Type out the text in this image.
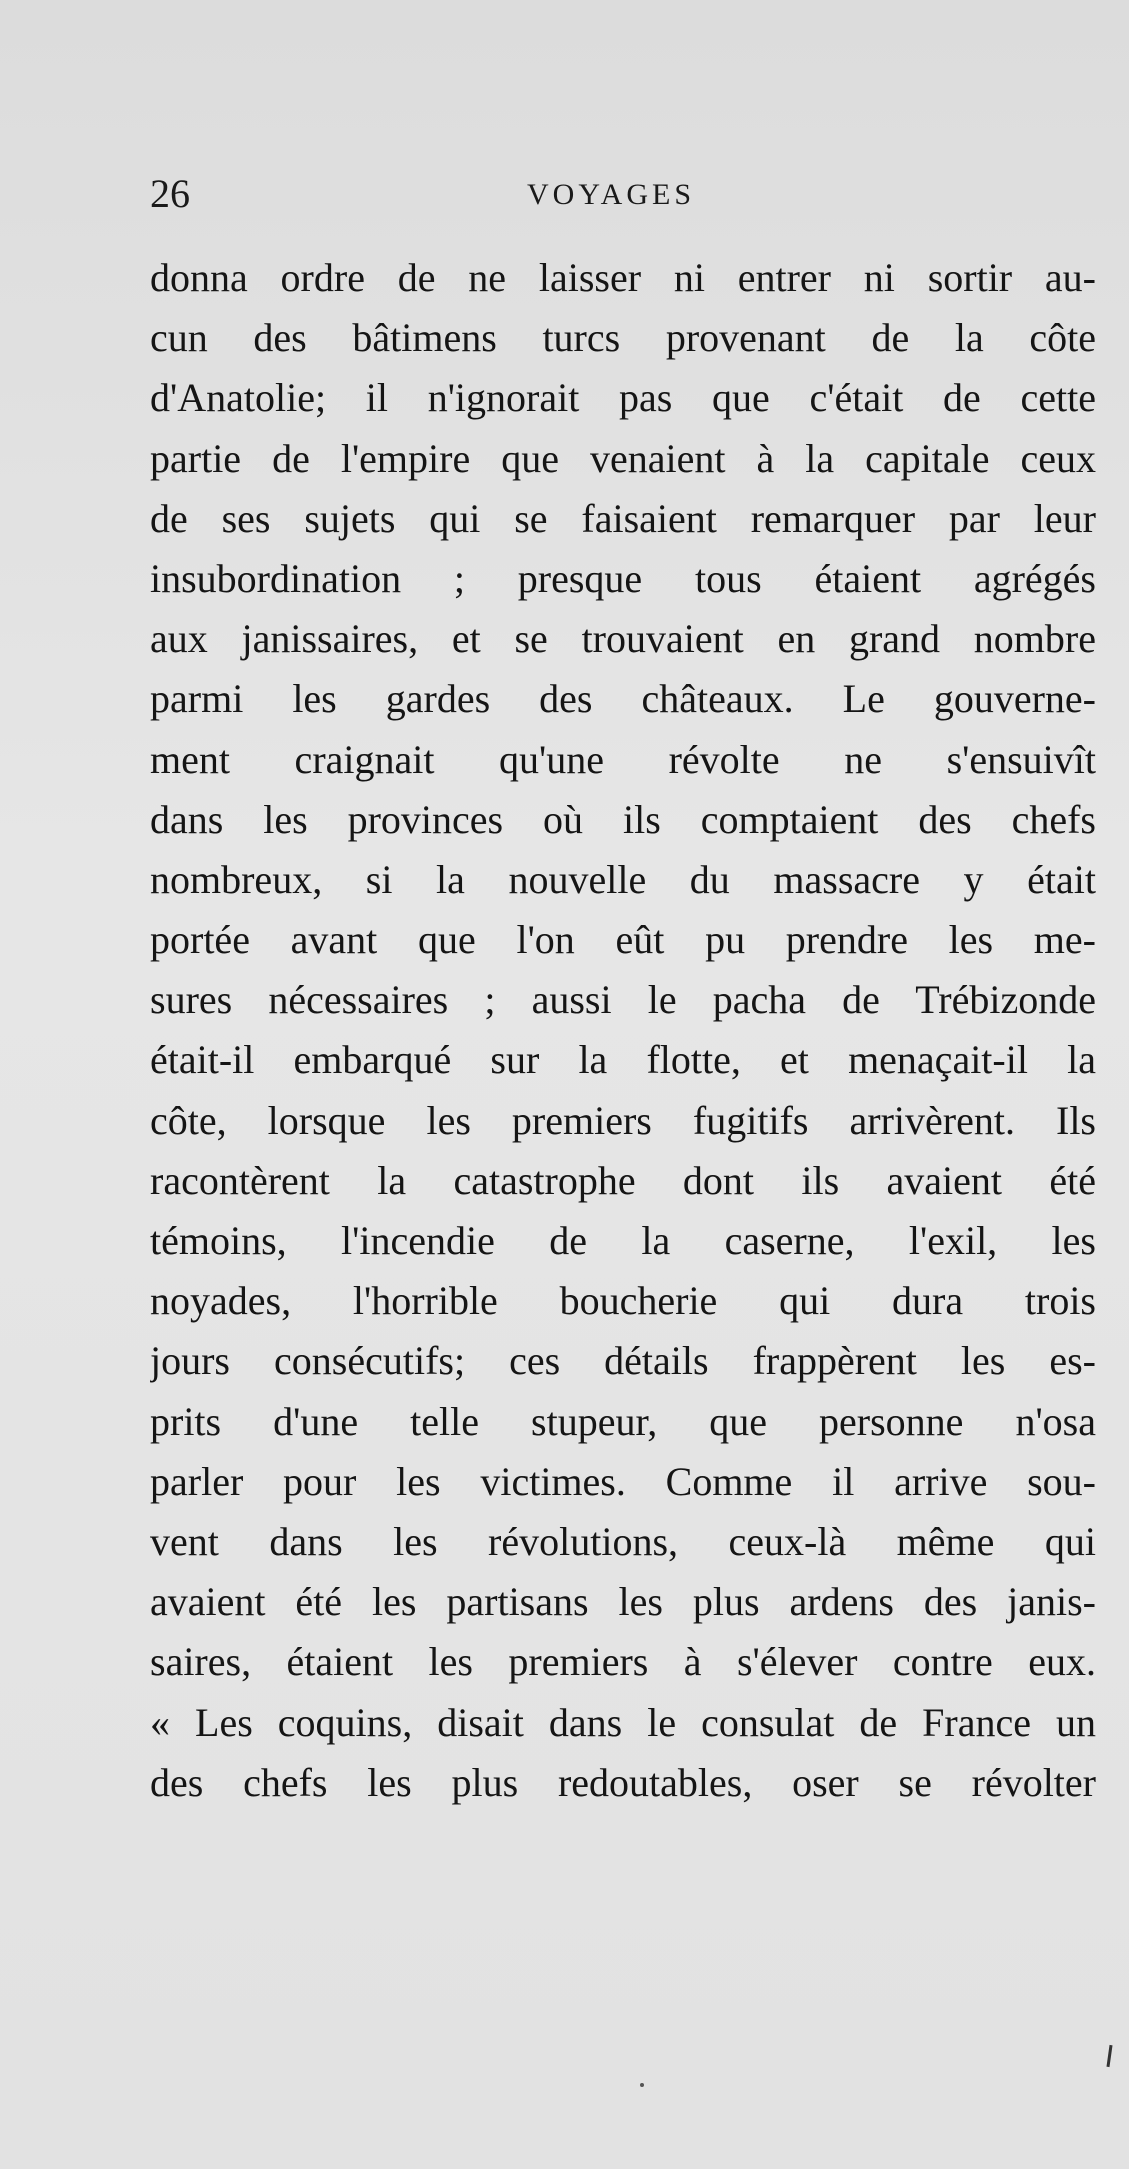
26	VOYAGES
donna ordre de ne laisser ni entrer ni sortir au-
cun des bâtimens turcs provenant de la côte
d'Anatolie; il n'ignorait pas que c'était de cette
partie de l'empire que venaient à la capitale ceux
de ses sujets qui se faisaient remarquer par leur
insubordination ; presque tous étaient agrégés
aux janissaires, et se trouvaient en grand nombre
parmi les gardes des châteaux. Le gouverne-
ment craignait qu'une révolte ne s'ensuivît
dans les provinces où ils comptaient des chefs
nombreux, si la nouvelle du massacre y était
portée avant que l'on eût pu prendre les me-
sures nécessaires ; aussi le pacha de Trébizonde
était-il embarqué sur la flotte, et menaçait-il la
côte, lorsque les premiers fugitifs arrivèrent. Ils
racontèrent la catastrophe dont ils avaient été
témoins, l'incendie de la caserne, l'exil, les
noyades, l'horrible boucherie qui dura trois
jours consécutifs; ces détails frappèrent les es-
prits d'une telle stupeur, que personne n'osa
parler pour les victimes. Comme il arrive sou-
vent dans les révolutions, ceux-là même qui
avaient été les partisans les plus ardens des janis-
saires, étaient les premiers à s'élever contre eux.
« Les coquins, disait dans le consulat de France un
des chefs les plus redoutables, oser se révolter
